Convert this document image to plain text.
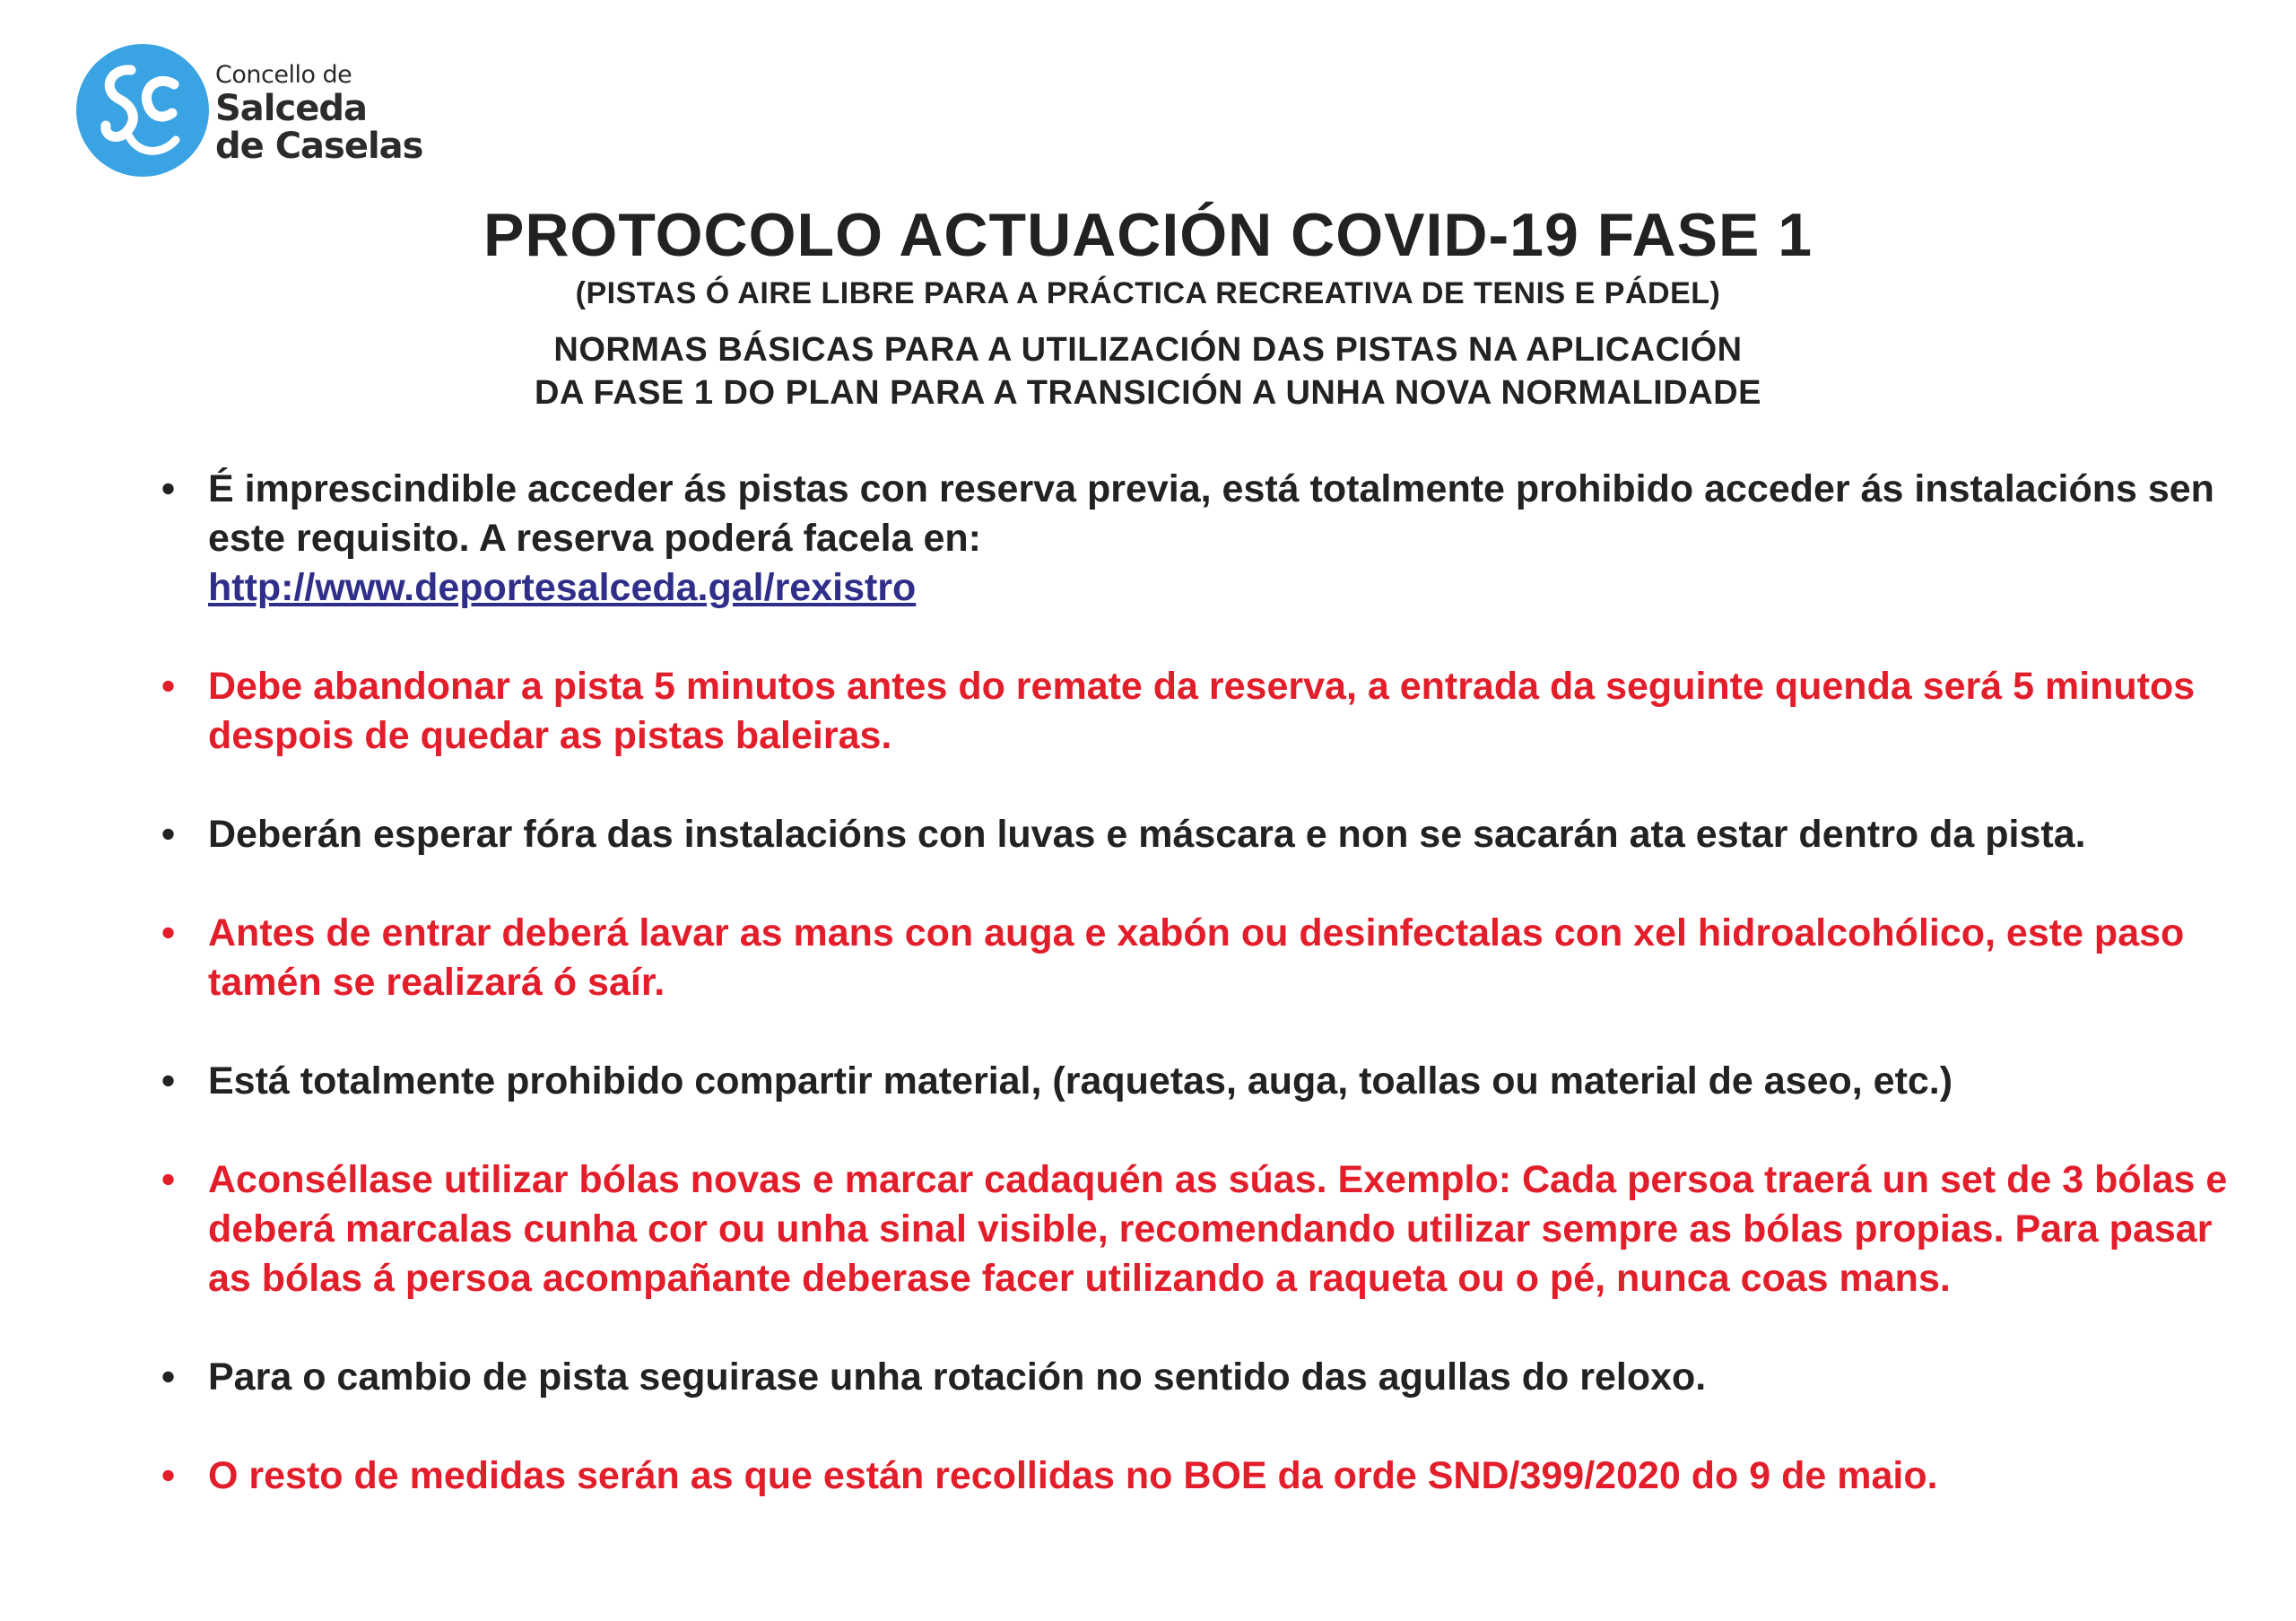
Concello de
Salceda
de Caselas
PROTOCOLO ACTUACIÓN COVID-19 FASE 1
(PISTAS Ó AIRE LIBRE PARA A PRÁCTICA RECREATIVA DE TENIS E PÁDEL)
NORMAS BÁSICAS PARA A UTILIZACIÓN DAS PISTAS NA APLICACIÓN
DA FASE 1 DO PLAN PARA A TRANSICIÓN A UNHA NOVA NORMALIDADE
• É imprescindible acceder ás pistas con reserva previa, está totalmente prohibido acceder ás instalacións sen este requisito. A reserva poderá facela en:
http://www.deportesalceda.gal/rexistro
• Debe abandonar a pista 5 minutos antes do remate da reserva, a entrada da seguinte quenda será 5 minutos despois de quedar as pistas baleiras.
• Deberán esperar fóra das instalacións con luvas e máscara e non se sacarán ata estar dentro da pista.
• Antes de entrar deberá lavar as mans con auga e xabón ou desinfectalas con xel hidroalcohólico, este paso tamén se realizará ó saír.
• Está totalmente prohibido compartir material, (raquetas, auga, toallas ou material de aseo, etc.)
• Aconséllase utilizar bólas novas e marcar cadaquén as súas. Exemplo: Cada persoa traerá un set de 3 bólas e deberá marcalas cunha cor ou unha sinal visible, recomendando utilizar sempre as bólas propias. Para pasar as bólas á persoa acompañante deberase facer utilizando a raqueta ou o pé, nunca coas mans.
• Para o cambio de pista seguirase unha rotación no sentido das agullas do reloxo.
• O resto de medidas serán as que están recollidas no BOE da orde SND/399/2020 do 9 de maio.
